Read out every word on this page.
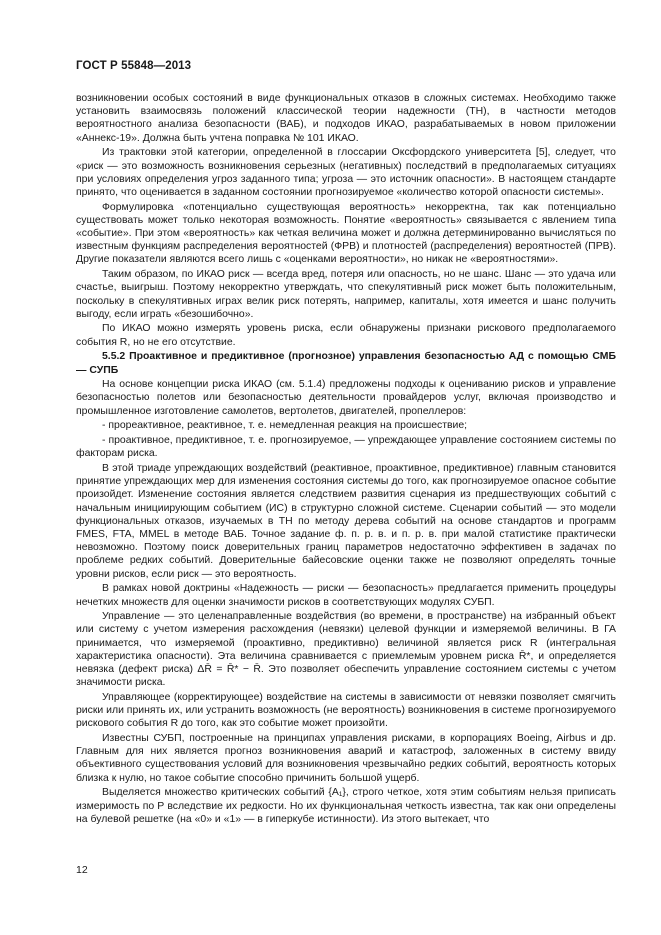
ГОСТ Р 55848—2013

возникновении особых состояний в виде функциональных отказов в сложных системах. Необходимо также установить взаимосвязь положений классической теории надежности (ТН), в частности методов вероятностного анализа безопасности (ВАБ), и подходов ИКАО, разрабатываемых в новом приложении «Аннекс-19». Должна быть учтена поправка № 101 ИКАО.

Из трактовки этой категории, определенной в глоссарии Оксфордского университета [5], следует, что «риск — это возможность возникновения серьезных (негативных) последствий в предполагаемых ситуациях при условиях определения угроз заданного типа; угроза — это источник опасности». В настоящем стандарте принято, что оценивается в заданном состоянии прогнозируемое «количество которой опасности системы».

Формулировка «потенциально существующая вероятность» некорректна, так как потенциально существовать может только некоторая возможность. Понятие «вероятность» связывается с явлением типа «событие». При этом «вероятность» как четкая величина может и должна детерминированно вычисляться по известным функциям распределения вероятностей (ФРВ) и плотностей (распределения) вероятностей (ПРВ). Другие показатели являются всего лишь с «оценками вероятности», но никак не «вероятностями».

Таким образом, по ИКАО риск — всегда вред, потеря или опасность, но не шанс. Шанс — это удача или счастье, выигрыш. Поэтому некорректно утверждать, что спекулятивный риск может быть положительным, поскольку в спекулятивных играх велик риск потерять, например, капиталы, хотя имеется и шанс получить выгоду, если играть «безошибочно».

По ИКАО можно измерять уровень риска, если обнаружены признаки рискового предполагаемого события R, но не его отсутствие.

5.5.2 Проактивное и предиктивное (прогнозное) управления безопасностью АД с помощью СМБ — СУПБ

На основе концепции риска ИКАО (см. 5.1.4) предложены подходы к оцениванию рисков и управление безопасностью полетов или безопасностью деятельности провайдеров услуг, включая производство и промышленное изготовление самолетов, вертолетов, двигателей, пропеллеров:

- прореактивное, реактивное, т. е. немедленная реакция на происшествие;

- проактивное, предиктивное, т. е. прогнозируемое, — упреждающее управление состоянием системы по факторам риска.

В этой триаде упреждающих воздействий (реактивное, проактивное, предиктивное) главным становится принятие упреждающих мер для изменения состояния системы до того, как прогнозируемое опасное событие произойдет. Изменение состояния является следствием развития сценария из предшествующих событий с начальным инициирующим событием (ИС) в структурно сложной системе. Сценарии событий — это модели функциональных отказов, изучаемых в ТН по методу дерева событий на основе стандартов и программ FMES, FTA, MMEL в методе ВАБ. Точное задание ф. п. р. в. и п. р. в. при малой статистике практически невозможно. Поэтому поиск доверительных границ параметров недостаточно эффективен в задачах по проблеме редких событий. Доверительные байесовские оценки также не позволяют определять точные уровни рисков, если риск — это вероятность.

В рамках новой доктрины «Надежность — риски — безопасность» предлагается применить процедуры нечетких множеств для оценки значимости рисков в соответствующих модулях СУБП.

Управление — это целенаправленные воздействия (во времени, в пространстве) на избранный объект или систему с учетом измерения расхождения (невязки) целевой функции и измеряемой величины. В ГА принимается, что измеряемой (проактивно, предиктивно) величиной является риск R (интегральная характеристика опасности). Эта величина сравнивается с приемлемым уровнем риска R̄*, и определяется невязка (дефект риска) ΔR̄ = R̄* − R̄. Это позволяет обеспечить управление состоянием системы с учетом значимости риска.

Управляющее (корректирующее) воздействие на системы в зависимости от невязки позволяет смягчить риски или принять их, или устранить возможность (не вероятность) возникновения в системе прогнозируемого рискового события R до того, как это событие может произойти.

Известны СУБП, построенные на принципах управления рисками, в корпорациях Boeing, Airbus и др. Главным для них является прогноз возникновения аварий и катастроф, заложенных в систему ввиду объективного существования условий для возникновения чрезвычайно редких событий, вероятность которых близка к нулю, но такое событие способно причинить большой ущерб.

Выделяется множество критических событий {A₁}, строго четкое, хотя этим событиям нельзя приписать измеримость по Р вследствие их редкости. Но их функциональная четкость известна, так как они определены на булевой решетке (на «0» и «1» — в гиперкубе истинности). Из этого вытекает, что

12
